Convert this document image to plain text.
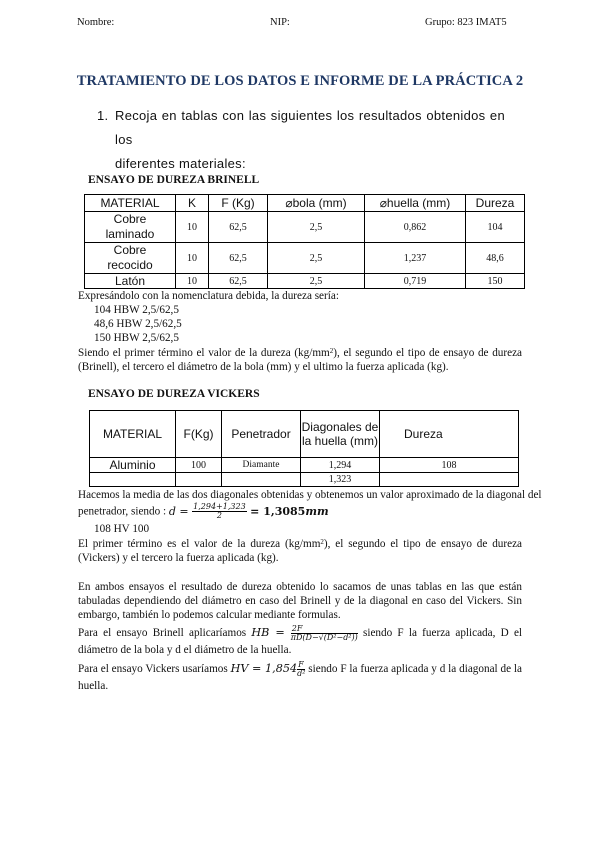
Nombre:	NIP:	Grupo: 823 IMAT5
TRATAMIENTO DE LOS DATOS E INFORME DE LA PRÁCTICA 2
1. Recoja en tablas con las siguientes los resultados obtenidos en los
diferentes materiales:
ENSAYO DE DUREZA BRINELL
MATERIAL	K	F (Kg)	⌀bola (mm)	⌀huella (mm)	Dureza

Cobre
laminado	10	62,5	2,5	0,862	104

Cobre
recocido	10	62,5	2,5	1,237	48,6
Latón	10	62,5	2,5	0,719	150
Expresándolo con la nomenclatura debida, la dureza sería:
104 HBW 2,5/62,5
48,6 HBW 2,5/62,5
150 HBW 2,5/62,5
Siendo el primer término el valor de la dureza $(kg/mm^2)$, el segundo el tipo de ensayo de dureza (Brinell), el tercero el diámetro de la bola (mm) y el ultimo la fuerza aplicada (kg).
ENSAYO DE DUREZA VICKERS
MATERIAL	F(Kg)	Penetrador	Diagonales de la huella (mm)	Dureza
Aluminio	100	Diamante	1,294	108
			1,323	
Hacemos la media de las dos diagonales obtenidas y obtenemos un valor aproximado de la diagonal del penetrador, siendo : $d = \frac{1,294+1,323}{2} = 1,3085mm$
108 HV 100
El primer término es el valor de la dureza $(kg/mm^2)$, el segundo el tipo de ensayo de dureza (Vickers) y el tercero la fuerza aplicada (kg).
En ambos ensayos el resultado de dureza obtenido lo sacamos de unas tablas en las que están tabuladas dependiendo del diámetro en caso del Brinell y de la diagonal en caso del Vickers. Sin embargo, también lo podemos calcular mediante formulas.
Para el ensayo Brinell aplicaríamos HB = $\frac{2F}{\text{πD(D−√(D²−d²))}}$ siendo F la fuerza aplicada, D el diámetro de la bola y d el diámetro de la huella.
Para el ensayo Vickers usaríamos HV = $1,854 \frac{F}{\text{d²}}$ siendo F la fuerza aplicada y d la diagonal de la huella.
